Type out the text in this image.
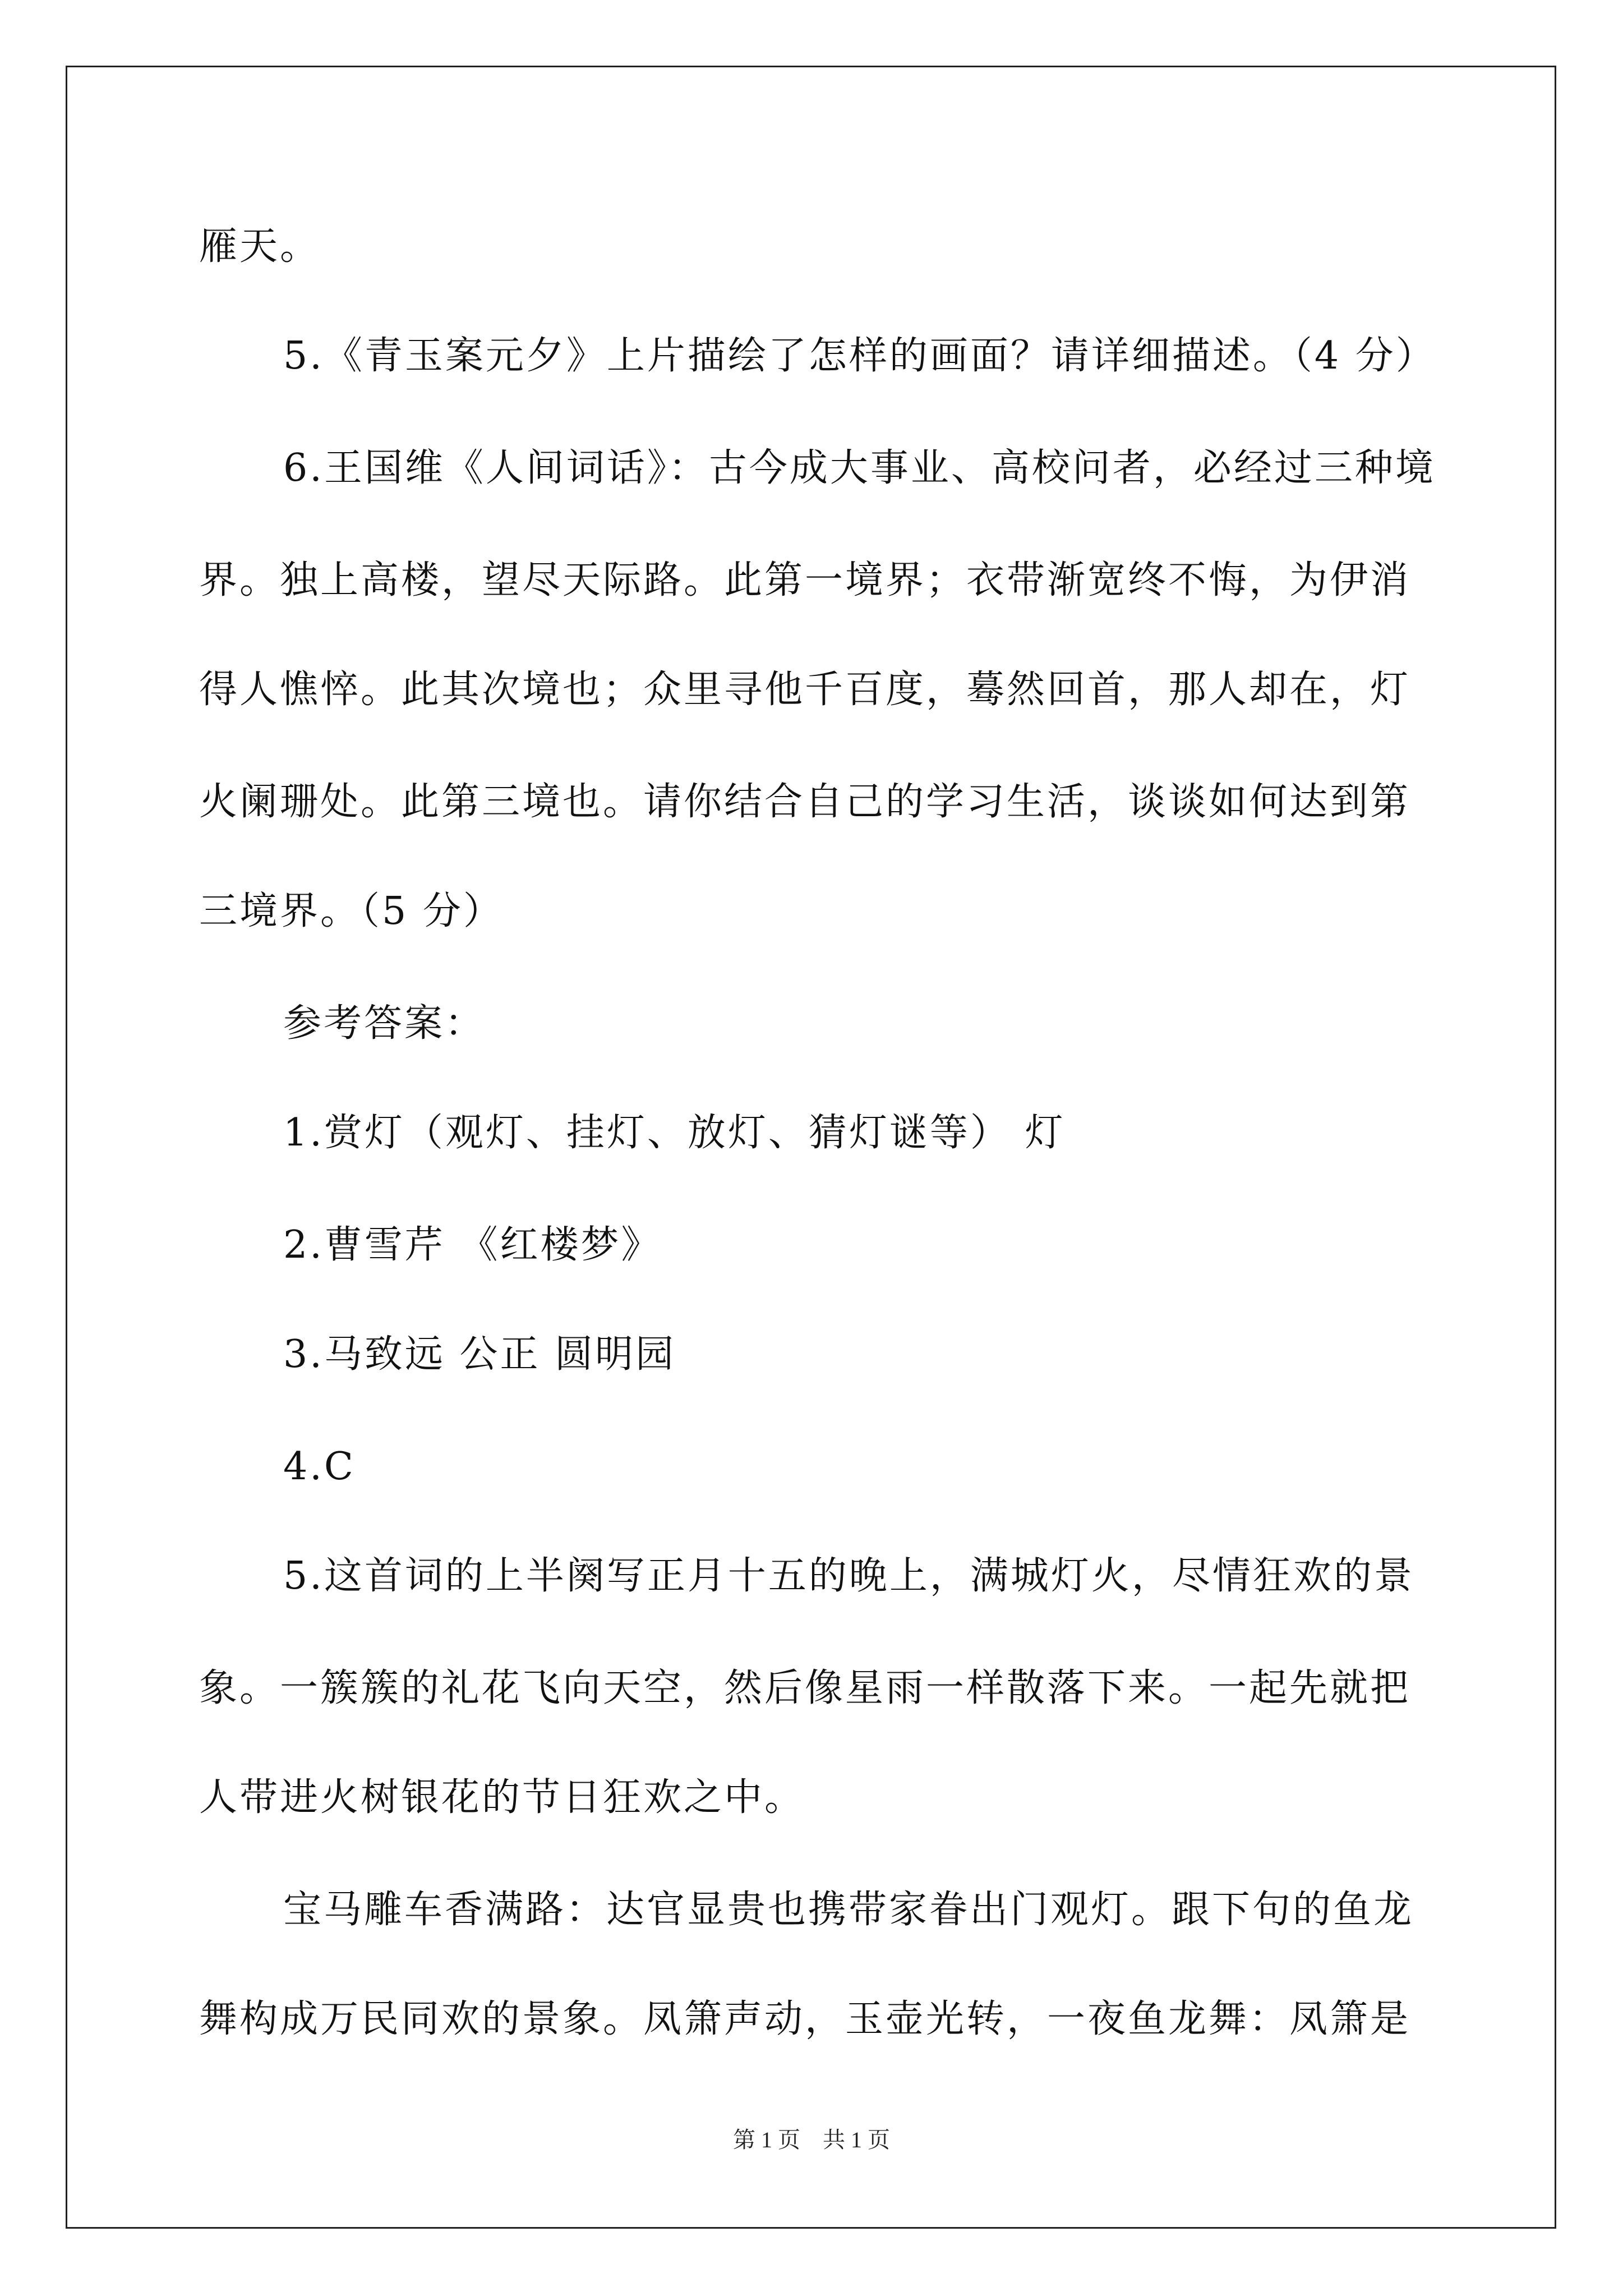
雁天。
5.《青玉案元夕》上片描绘了怎样的画面？请详细描述。（4 分）
6.王国维《人间词话》：古今成大事业、高校问者，必经过三种境
界。独上高楼，望尽天际路。此第一境界；衣带渐宽终不悔，为伊消
得人憔悴。此其次境也；众里寻他千百度，蓦然回首，那人却在，灯
火阑珊处。此第三境也。请你结合自己的学习生活，谈谈如何达到第
三境界。（5 分）
参考答案：
1.赏灯（观灯、挂灯、放灯、猜灯谜等） 灯
2.曹雪芹 《红楼梦》
3.马致远 公正 圆明园
4.C
5.这首词的上半阕写正月十五的晚上，满城灯火，尽情狂欢的景
象。一簇簇的礼花飞向天空，然后像星雨一样散落下来。一起先就把
人带进火树银花的节日狂欢之中。
宝马雕车香满路：达官显贵也携带家眷出门观灯。跟下句的鱼龙
舞构成万民同欢的景象。凤箫声动，玉壶光转，一夜鱼龙舞：凤箫是
第 1 页　共 1 页
